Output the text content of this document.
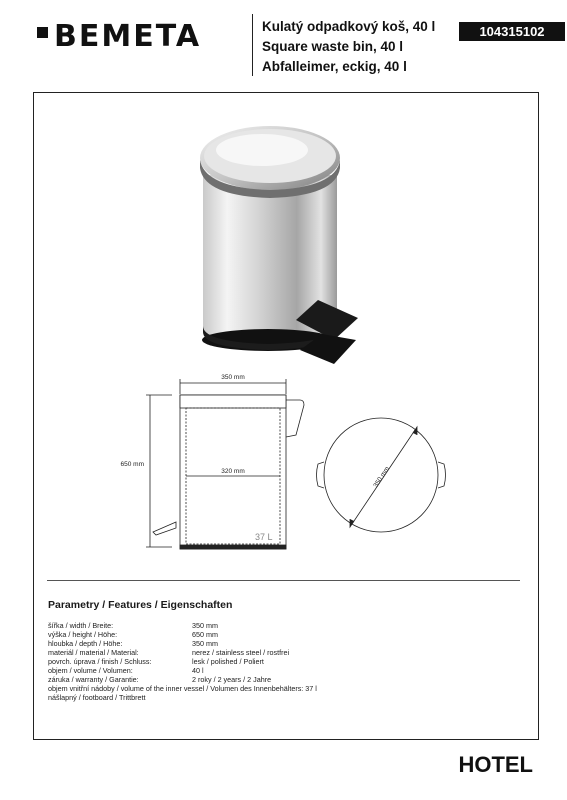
BEMETA	Kulatý odpadkový koš, 40 l
Square waste bin, 40 l
Abfalleimer, eckig, 40 l
104315102
350 mm
650 mm
320 mm
37 L
350 mm
Parametry / Features / Eigenschaften
šířka / width / Breite:	350 mm
výška / height / Höhe:	650 mm
hloubka / depth / Höhe:	350 mm
materiál / material / Material:	nerez / stainless steel / rostfrei
povrch. úprava / finish / Schluss:	lesk / polished / Poliert
objem / volume / Volumen:	40 l
záruka / warranty / Garantie:	2 roky / 2 years / 2 Jahre
objem vnitřní nádoby / volume of the inner vessel / Volumen des Innenbehälters: 37 l
nášlapný / footboard / Trittbrett
HOTEL
